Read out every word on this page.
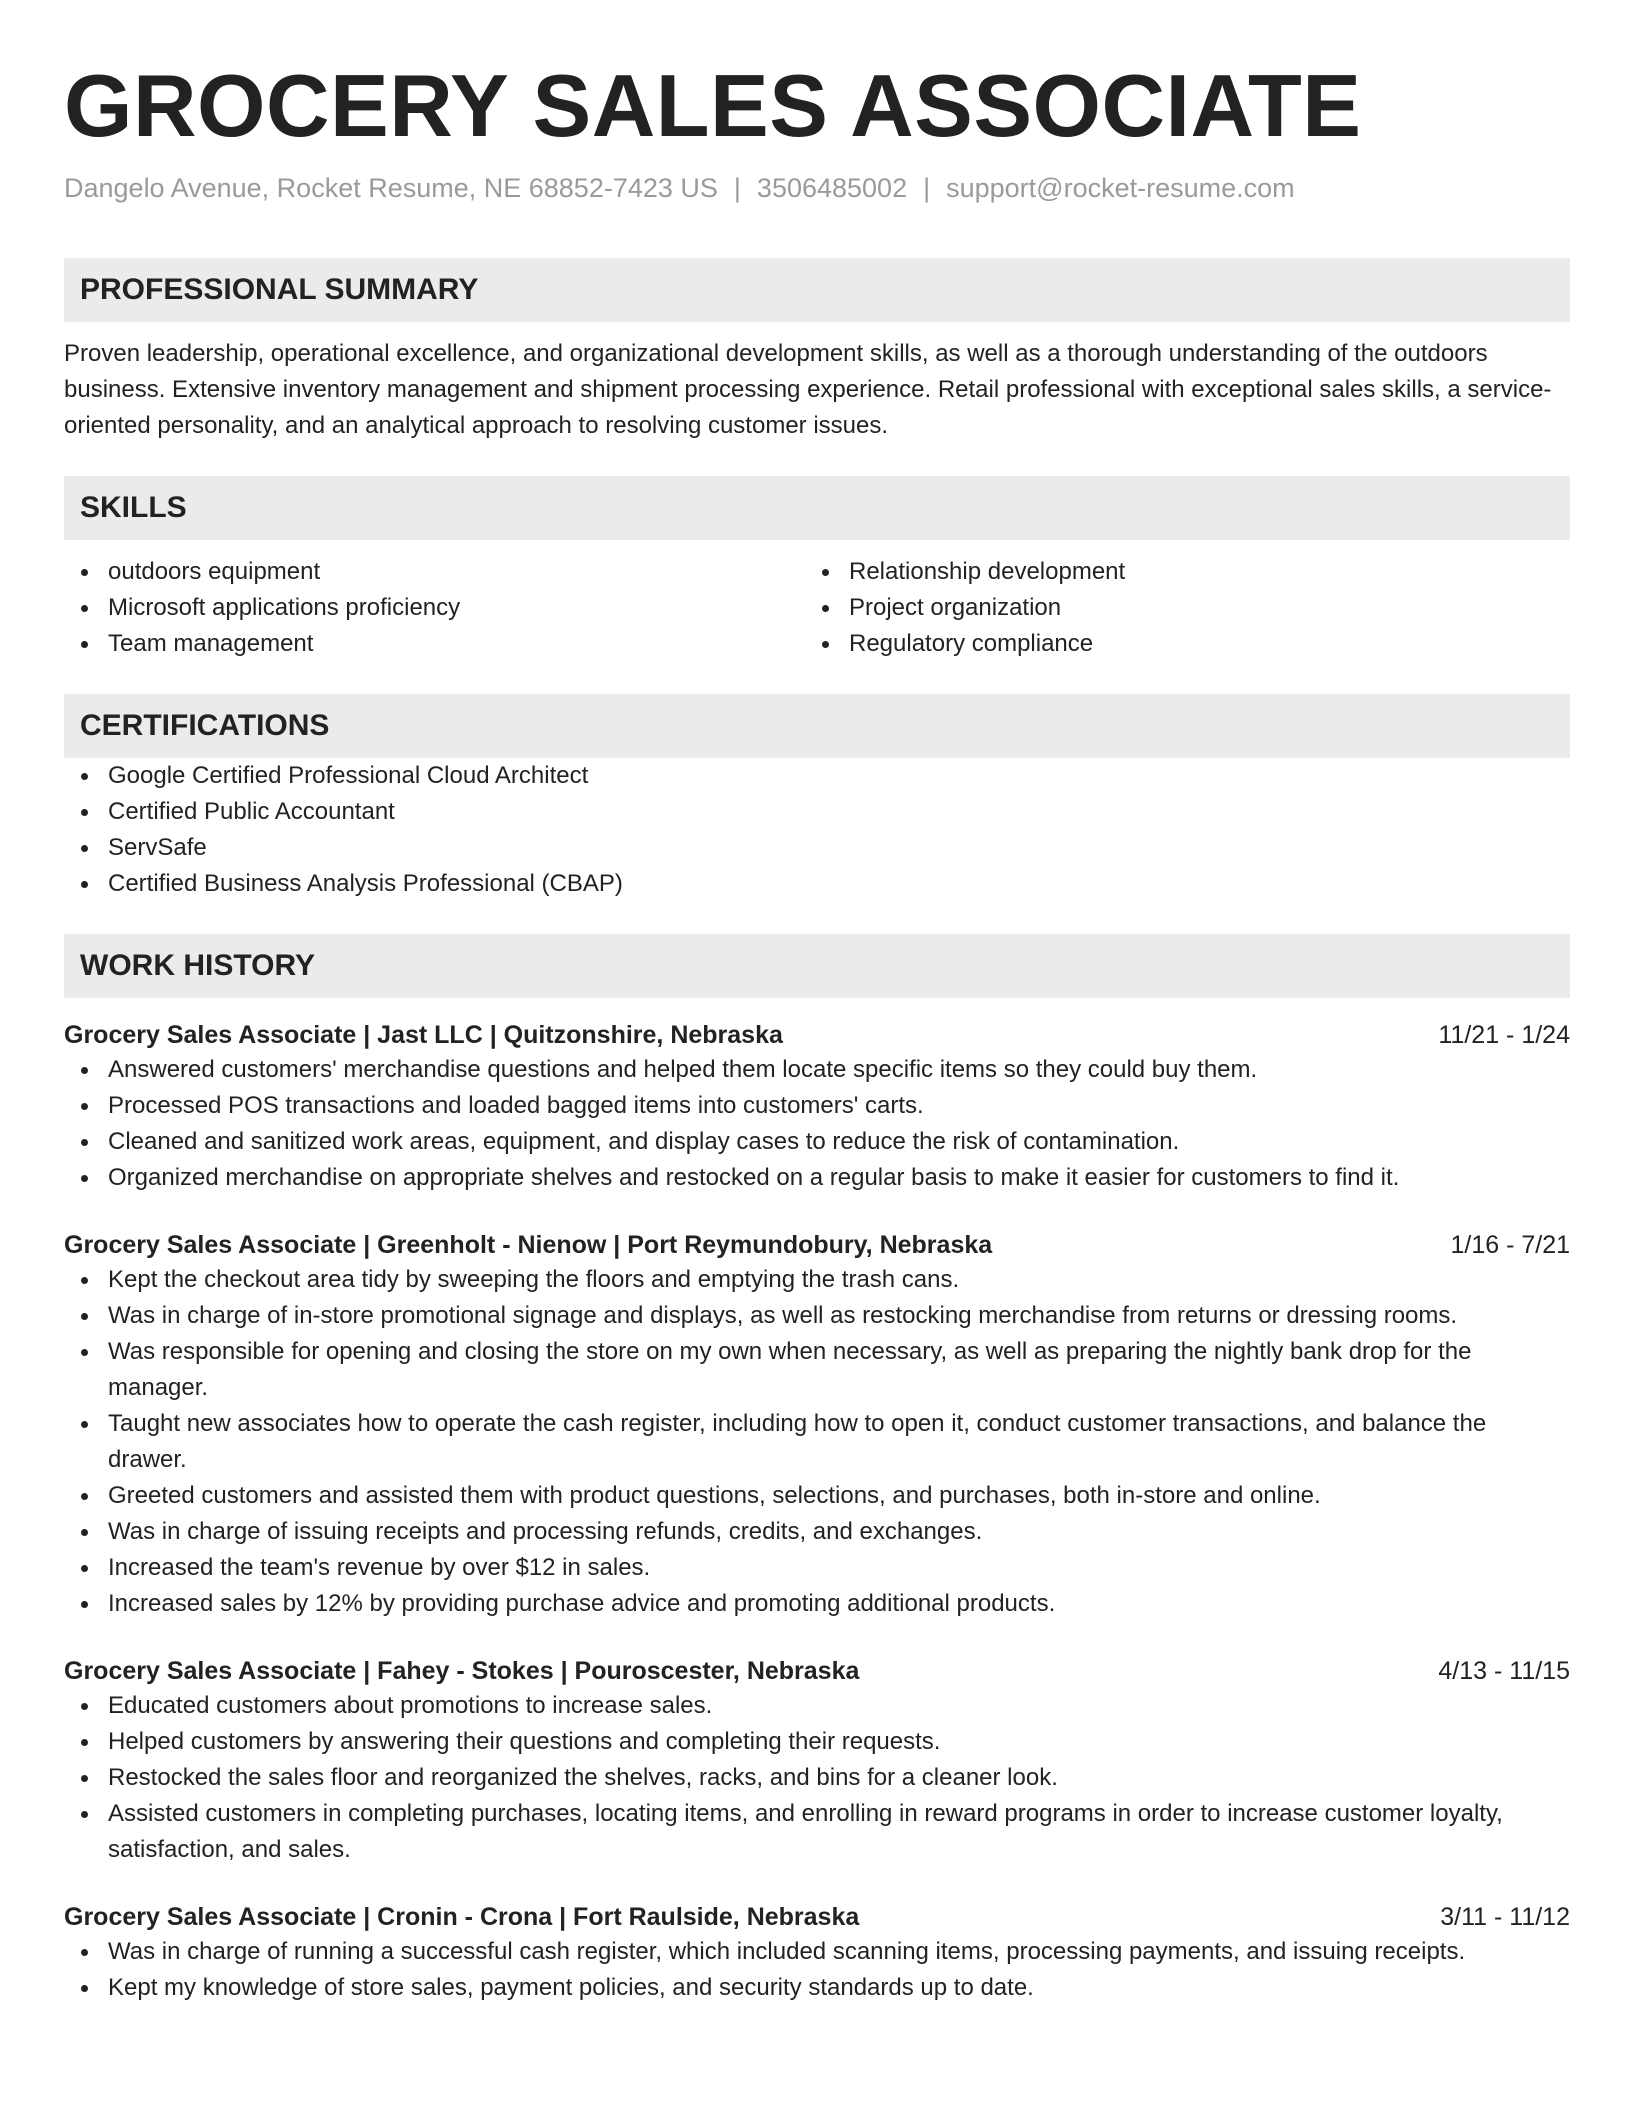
GROCERY SALES ASSOCIATE
Dangelo Avenue, Rocket Resume, NE 68852-7423 US | 3506485002 | support@rocket-resume.com
PROFESSIONAL SUMMARY

Proven leadership, operational excellence, and organizational development skills, as well as a thorough understanding of the outdoors business. Extensive inventory management and shipment processing experience. Retail professional with exceptional sales skills, a service-oriented personality, and an analytical approach to resolving customer issues.

SKILLS
outdoors equipment
Microsoft applications proficiency
Team management
Relationship development
Project organization
Regulatory compliance
CERTIFICATIONS
Google Certified Professional Cloud Architect
Certified Public Accountant
ServSafe
Certified Business Analysis Professional (CBAP)
WORK HISTORY
Grocery Sales Associate | Jast LLC | Quitzonshire, Nebraska	11/21 - 1/24
Answered customers' merchandise questions and helped them locate specific items so they could buy them.
Processed POS transactions and loaded bagged items into customers' carts.
Cleaned and sanitized work areas, equipment, and display cases to reduce the risk of contamination.
Organized merchandise on appropriate shelves and restocked on a regular basis to make it easier for customers to find it.
Grocery Sales Associate | Greenholt - Nienow | Port Reymundobury, Nebraska	1/16 - 7/21
Kept the checkout area tidy by sweeping the floors and emptying the trash cans.
Was in charge of in-store promotional signage and displays, as well as restocking merchandise from returns or dressing rooms.
Was responsible for opening and closing the store on my own when necessary, as well as preparing the nightly bank drop for the manager.
Taught new associates how to operate the cash register, including how to open it, conduct customer transactions, and balance the drawer.
Greeted customers and assisted them with product questions, selections, and purchases, both in-store and online.
Was in charge of issuing receipts and processing refunds, credits, and exchanges.
Increased the team's revenue by over $12 in sales.
Increased sales by 12% by providing purchase advice and promoting additional products.
Grocery Sales Associate | Fahey - Stokes | Pouroscester, Nebraska	4/13 - 11/15
Educated customers about promotions to increase sales.
Helped customers by answering their questions and completing their requests.
Restocked the sales floor and reorganized the shelves, racks, and bins for a cleaner look.
Assisted customers in completing purchases, locating items, and enrolling in reward programs in order to increase customer loyalty, satisfaction, and sales.
Grocery Sales Associate | Cronin - Crona | Fort Raulside, Nebraska	3/11 - 11/12
Was in charge of running a successful cash register, which included scanning items, processing payments, and issuing receipts.
Kept my knowledge of store sales, payment policies, and security standards up to date.
